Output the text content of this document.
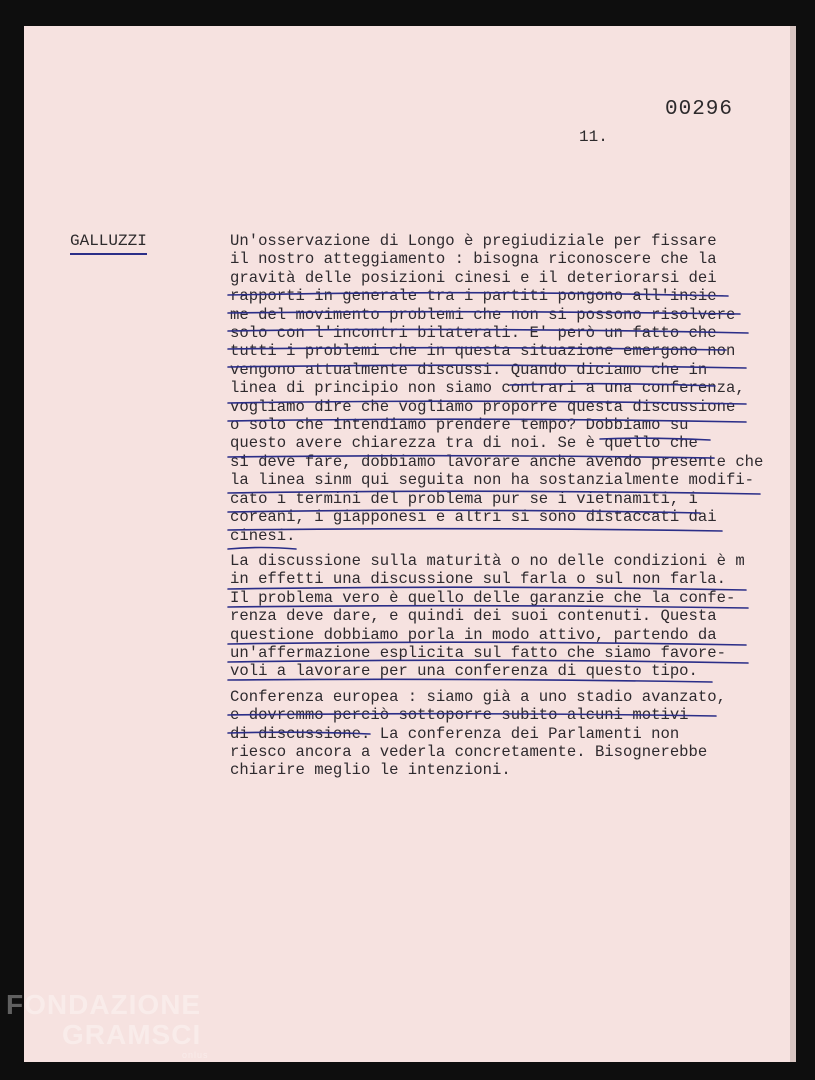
00296
11.
GALLUZZI	Un'osservazione di Longo è pregiudiziale per fissare
il nostro atteggiamento : bisogna riconoscere che la
gravità delle posizioni cinesi e il deteriorarsi dei
rapporti in generale tra i partiti pongono all'insie-
me del movimento problemi che non si possono risolvere
solo con l'incontri bilaterali. E' però un fatto che
tutti i problemi che in questa situazione emergono non
vengono attualmente discussi. Quando diciamo che in
linea di principio non siamo contrari a una conferenza,
vogliamo dire che vogliamo proporre questa discussione
o solo che intendiamo prendere tempo? Dobbiamo su
questo avere chiarezza tra di noi. Se è quello che
si deve fare, dobbiamo lavorare anche avendo presente che
la linea sinm qui seguita non ha sostanzialmente modifi-
cato i termini del problema pur se i vietnamiti, i
coreani, i giapponesi e altri si sono distaccati dai
cinesi.
La discussione sulla maturità o no delle condizioni è m
in effetti una discussione sul farla o sul non farla.
Il problema vero è quello delle garanzie che la confe-
renza deve dare, e quindi dei suoi contenuti. Questa
questione dobbiamo porla in modo attivo, partendo da
un'affermazione esplicita sul fatto che siamo favore-
voli a lavorare per una conferenza di questo tipo.
Conferenza europea : siamo già a uno stadio avanzato,
e dovremmo perciò sottoporre subito alcuni motivi
di discussione. La conferenza dei Parlamenti non
riesco ancora a vederla concretamente. Bisognerebbe
chiarire meglio le intenzioni.
FONDAZIONE
GRAMSCI
onlus
